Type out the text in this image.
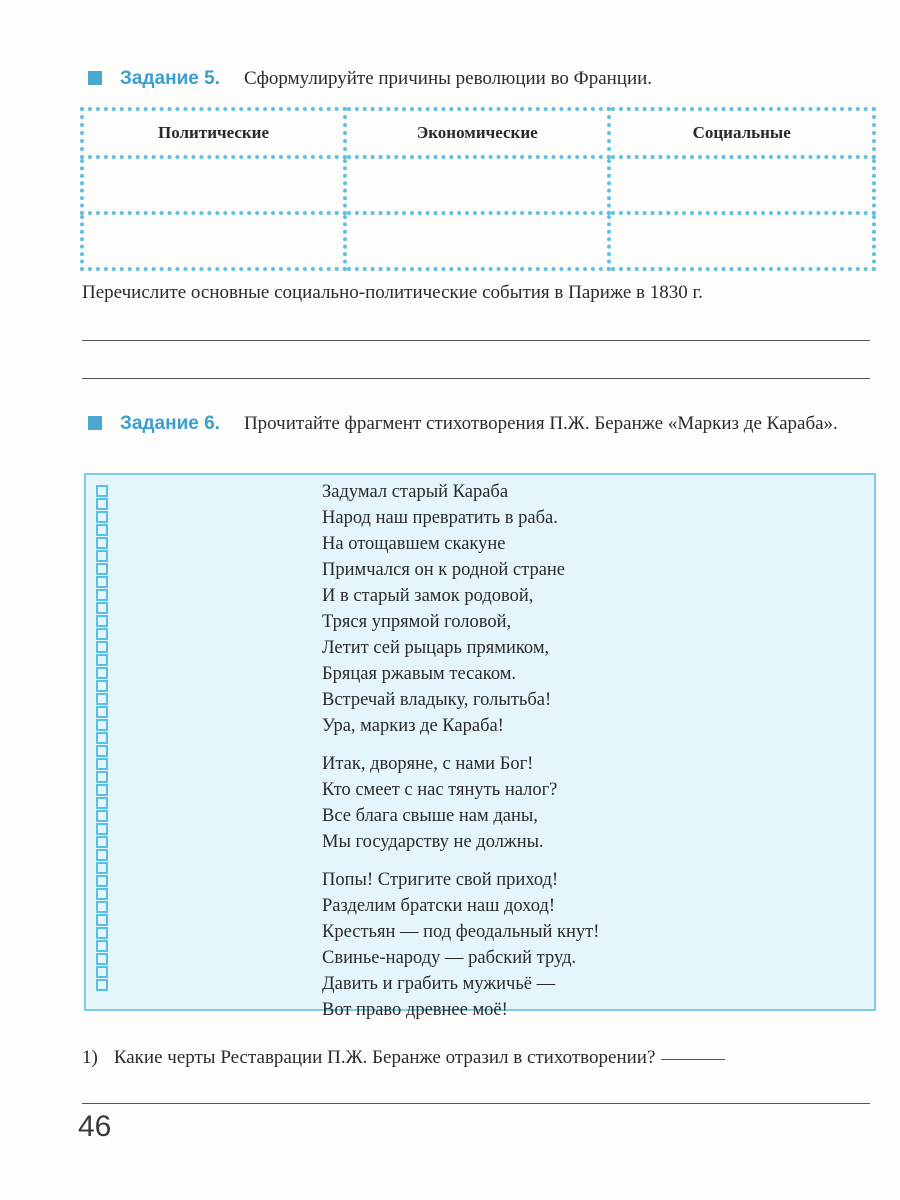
Задание 5. Сформулируйте причины революции во Франции.
Политические	Экономические	Социальные

Перечислите основные социально-политические события в Париже в 1830 г.
Задание 6. Прочитайте фрагмент стихотворения П.Ж. Беранже «Маркиз де Караба».
Задумал старый Караба
Народ наш превратить в раба.
На отощавшем скакуне
Примчался он к родной стране
И в старый замок родовой,
Тряся упрямой головой,
Летит сей рыцарь прямиком,
Бряцая ржавым тесаком.
Встречай владыку, голытьба!
Ура, маркиз де Караба!
Итак, дворяне, с нами Бог!
Кто смеет с нас тянуть налог?
Все блага свыше нам даны,
Мы государству не должны.
Попы! Стригите свой приход!
Разделим братски наш доход!
Крестьян — под феодальный кнут!
Свинье-народу — рабский труд.
Давить и грабить мужичьё —
Вот право древнее моё!
1) Какие черты Реставрации П.Ж. Беранже отразил в стихотворении?
46
